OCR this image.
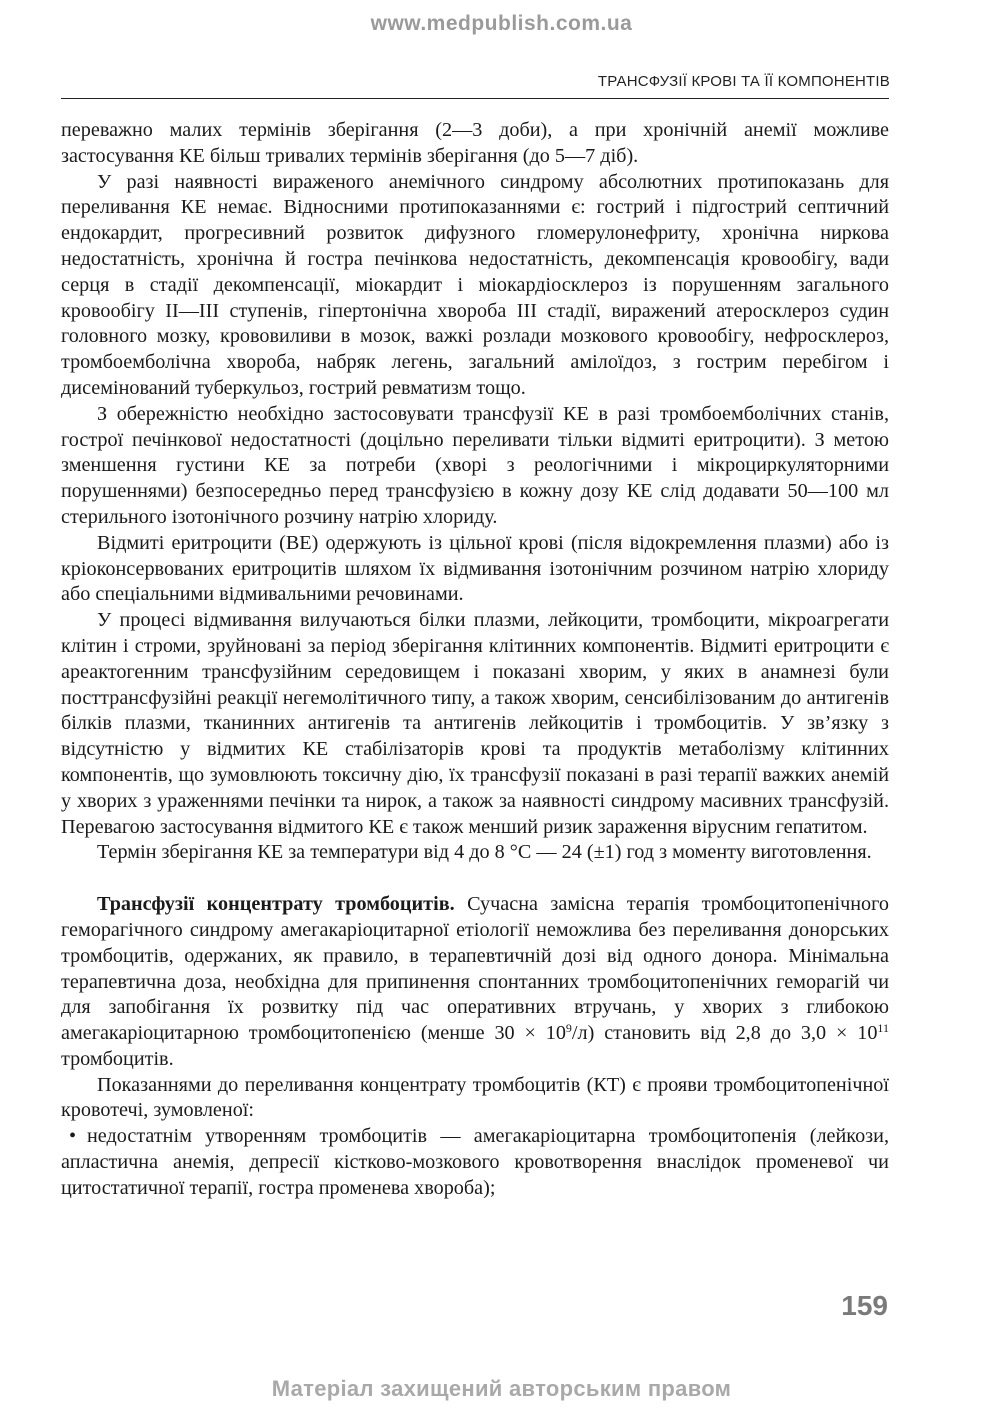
www.medpublish.com.ua
ТРАНСФУЗІЇ КРОВІ ТА ЇЇ КОМПОНЕНТІВ

переважно малих термінів зберігання (2—3 доби), а при хронічній анемії можливе застосування КЕ більш тривалих термінів зберігання (до 5—7 діб).

У разі наявності вираженого анемічного синдрому абсолютних протипоказань для переливання КЕ немає. Відносними протипоказаннями є: гострий і підгострий септичний ендокардит, прогресивний розвиток дифузного гломерулонефриту, хронічна ниркова недостатність, хронічна й гостра печінкова недостатність, декомпенсація кровообігу, вади серця в стадії декомпенсації, міокардит і міокардіосклероз із порушенням загального кровообігу II—III ступенів, гіпертонічна хвороба III стадії, виражений атеросклероз судин головного мозку, крововиливи в мозок, важкі розлади мозкового кровообігу, нефросклероз, тромбоемболічна хвороба, набряк легень, загальний амілоїдоз, з гострим перебігом і дисемінований туберкульоз, гострий ревматизм тощо.

З обережністю необхідно застосовувати трансфузії КЕ в разі тромбоемболічних станів, гострої печінкової недостатності (доцільно переливати тільки відмиті еритроцити). З метою зменшення густини КЕ за потреби (хворі з реологічними і мікроциркуляторними порушеннями) безпосередньо перед трансфузією в кожну дозу КЕ слід додавати 50—100 мл стерильного ізотонічного розчину натрію хлориду.

Відмиті еритроцити (ВЕ) одержують із цільної крові (після відокремлення плазми) або із кріоконсервованих еритроцитів шляхом їх відмивання ізотонічним розчином натрію хлориду або спеціальними відмивальними речовинами.

У процесі відмивання вилучаються білки плазми, лейкоцити, тромбоцити, мікроагрегати клітин і строми, зруйновані за період зберігання клітинних компонентів. Відмиті еритроцити є ареактогенним трансфузійним середовищем і показані хворим, у яких в анамнезі були посттрансфузійні реакції негемолітичного типу, а також хворим, сенсибілізованим до антигенів білків плазми, тканинних антигенів та антигенів лейкоцитів і тромбоцитів. У зв’язку з відсутністю у відмитих КЕ стабілізаторів крові та продуктів метаболізму клітинних компонентів, що зумовлюють токсичну дію, їх трансфузії показані в разі терапії важких анемій у хворих з ураженнями печінки та нирок, а також за наявності синдрому масивних трансфузій. Перевагою застосування відмитого КЕ є також менший ризик зараження вірусним гепатитом.

Термін зберігання КЕ за температури від 4 до 8 °С — 24 (±1) год з моменту виготовлення.

Трансфузії концентрату тромбоцитів. Сучасна замісна терапія тромбоцитопенічного геморагічного синдрому амегакаріоцитарної етіології неможлива без переливання донорських тромбоцитів, одержаних, як правило, в терапевтичній дозі від одного донора. Мінімальна терапевтична доза, необхідна для припинення спонтанних тромбоцитопенічних геморагій чи для запобігання їх розвитку під час оперативних втручань, у хворих з глибокою амегакаріоцитарною тромбоцитопенією (менше $30 \times 10^9/л$) становить від 2,8 до $3,0 \times 10^{11}$ тромбоцитів.

Показаннями до переливання концентрату тромбоцитів (КТ) є прояви тромбоцитопенічної кровотечі, зумовленої:

• недостатнім утворенням тромбоцитів — амегакаріоцитарна тромбоцитопенія (лейкози, апластична анемія, депресії кістково-мозкового кровотворення внаслідок променевої чи цитостатичної терапії, гостра променева хвороба);

159
Матеріал захищений авторським правом
